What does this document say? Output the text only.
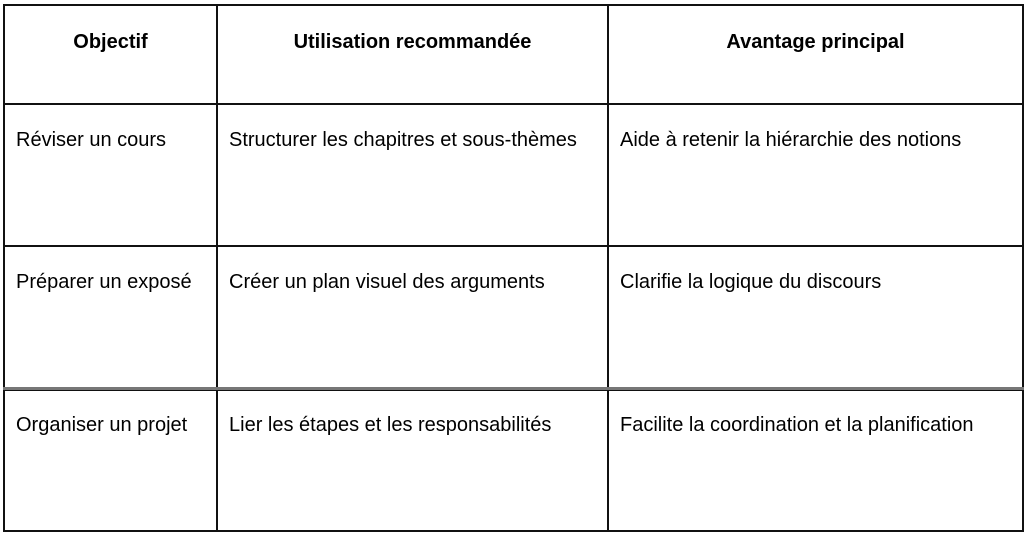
Objectif	Utilisation recommandée	Avantage principal
Réviser un cours	Structurer les chapitres et sous-thèmes	Aide à retenir la hiérarchie des notions
Préparer un exposé	Créer un plan visuel des arguments	Clarifie la logique du discours
Organiser un projet	Lier les étapes et les responsabilités	Facilite la coordination et la planification
